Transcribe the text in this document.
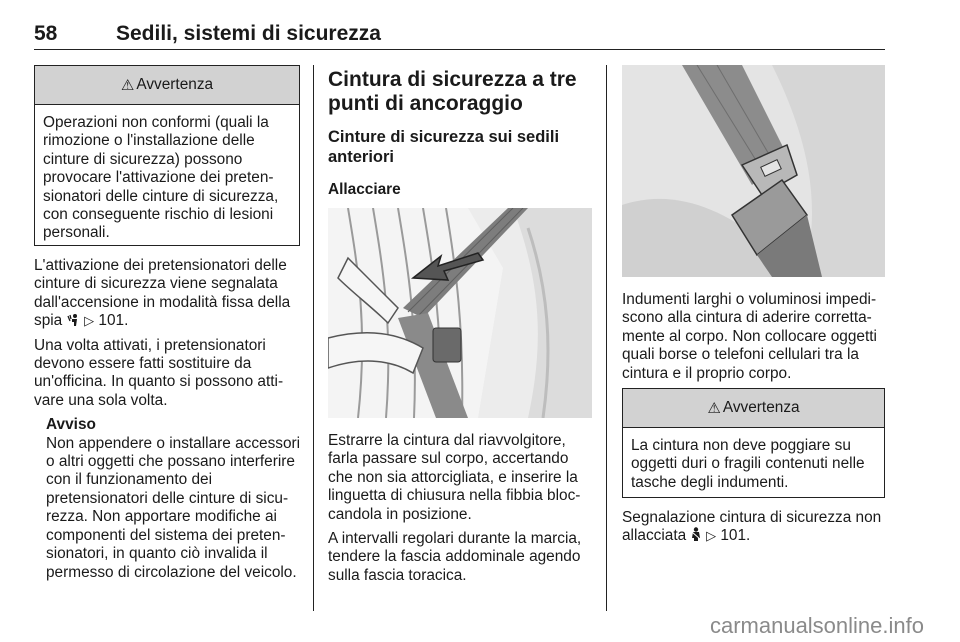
58	Sedili, sistemi di sicurezza
⚠ Avvertenza
Operazioni non conformi (quali la rimozione o l'installazione delle cinture di sicurezza) possono provocare l'attivazione dei pretensionatori delle cinture di sicurezza, con conseguente rischio di lesioni personali.

L'attivazione dei pretensionatori delle cinture di sicurezza viene segnalata dall'accensione in modalità fissa della spia ▷ 101.

Una volta attivati, i pretensionatori devono essere fatti sostituire da un'officina. In quanto si possono attivare una sola volta.

Avviso
Non appendere o installare accessori o altri oggetti che possano interferire con il funzionamento dei pretensionatori delle cinture di sicurezza. Non apportare modifiche ai componenti del sistema dei pretensionatori, in quanto ciò invalida il permesso di circolazione del veicolo.
Cintura di sicurezza a tre punti di ancoraggio
Cinture di sicurezza sui sedili anteriori
Allacciare

Estrarre la cintura dal riavvolgitore, farla passare sul corpo, accertando che non sia attorcigliata, e inserire la linguetta di chiusura nella fibbia bloccandola in posizione.

A intervalli regolari durante la marcia, tendere la fascia addominale agendo sulla fascia toracica.

Indumenti larghi o voluminosi impediscono alla cintura di aderire correttamente al corpo. Non collocare oggetti quali borse o telefoni cellulari tra la cintura e il proprio corpo.
⚠ Avvertenza
La cintura non deve poggiare su oggetti duri o fragili contenuti nelle tasche degli indumenti.
Segnalazione cintura di sicurezza non allacciata ▷ 101.
carmanualsonline.info
